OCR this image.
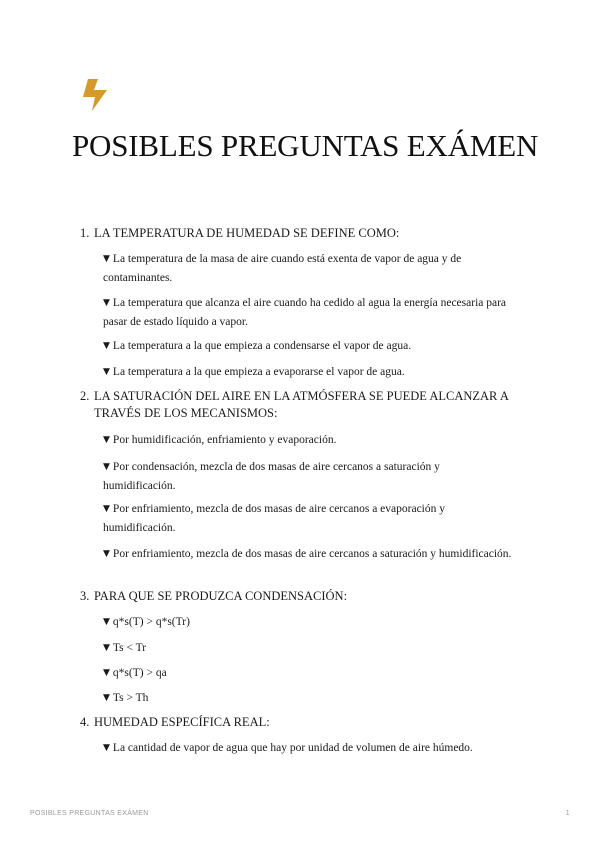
POSIBLES PREGUNTAS EXÁMEN
1. LA TEMPERATURA DE HUMEDAD SE DEFINE COMO:
▼ La temperatura de la masa de aire cuando está exenta de vapor de agua y de contaminantes.
▼ La temperatura que alcanza el aire cuando ha cedido al agua la energía necesaria para pasar de estado líquido a vapor.
▼ La temperatura a la que empieza a condensarse el vapor de agua.
▼ La temperatura a la que empieza a evaporarse el vapor de agua.
2. LA SATURACIÓN DEL AIRE EN LA ATMÓSFERA SE PUEDE ALCANZAR A TRAVÉS DE LOS MECANISMOS:
▼ Por humidificación, enfriamiento y evaporación.
▼ Por condensación, mezcla de dos masas de aire cercanos a saturación y humidificación.
▼ Por enfriamiento, mezcla de dos masas de aire cercanos a evaporación y humidificación.
▼ Por enfriamiento, mezcla de dos masas de aire cercanos a saturación y humidificación.
3. PARA QUE SE PRODUZCA CONDENSACIÓN:
▼ q*s(T) > q*s(Tr)
▼ Ts < Tr
▼ q*s(T) > qa
▼ Ts > Th
4. HUMEDAD ESPECÍFICA REAL:
▼ La cantidad de vapor de agua que hay por unidad de volumen de aire húmedo.
POSIBLES PREGUNTAS EXÁMEN	1
